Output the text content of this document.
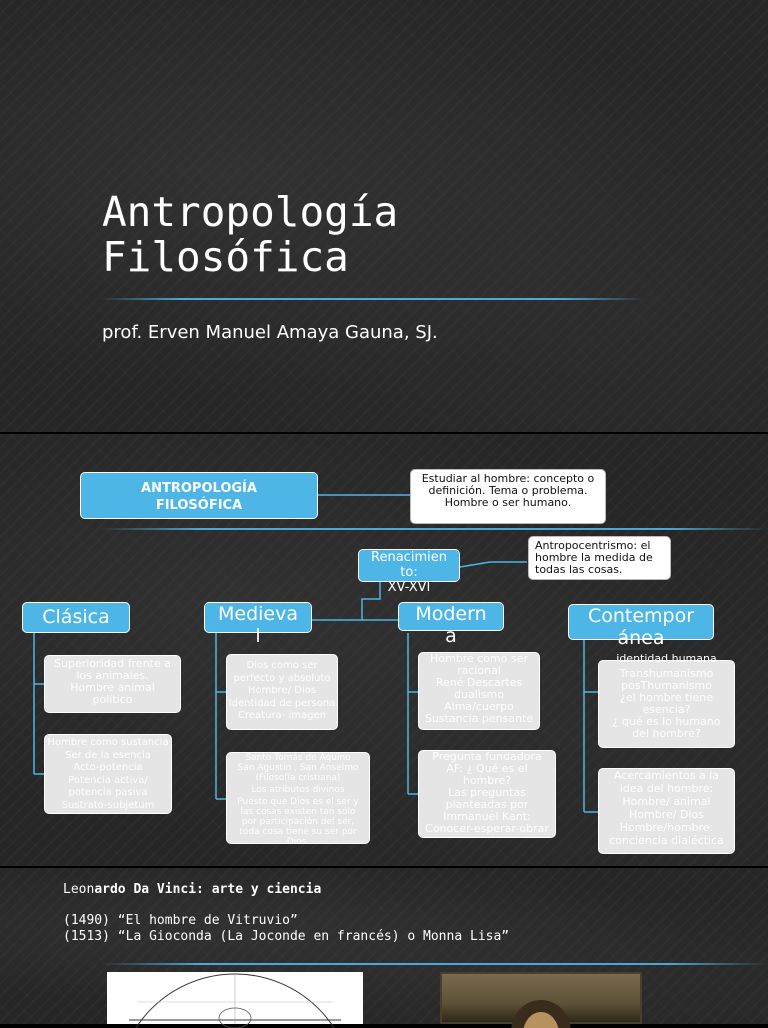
Antropología
Filosófica
prof. Erven Manuel Amaya Gauna, SJ.
ANTROPOLOGÍA
FILOSÓFICA
Estudiar al hombre: concepto o definición. Tema o problema. Hombre o ser humano.
Renacimien
to:
XV-XVI
Antropocentrismo: el hombre la medida de todas las cosas.
Clásica	Medieva
l
Modern
a
Contempor
ánea
Superioridad frente a
los animales.
Hombre animal
político
Hombre como sustancia
Ser de la esencia
Acto-potencia
Potencia activa/
potencia pasiva
Sustrato-subjetum
Dios como ser
perfecto y absoluto
Hombre/ Dios
Identidad de persona
Creatura- imagen
Santo Tomás de Aquino
San Agustín , San Anselmo
(Filosofía cristiana)
Los atributos divinos
Puesto que Dios es el ser y
las cosas existen tan sólo
por participación del ser,
toda cosa tiene su ser por
Dios.
Hombre como ser
racional
René Descartes
dualismo
Alma/cuerpo
Sustancia pensante
Pregunta fundadora
AF: ¿ Qué es el
hombre?
Las preguntas
planteadas por
Immanuel Kant:
Conocer-esperar-obrar
identidad humana
Transhumanismo
posThumanismo
¿el hombre tiene
esencia?
¿ qué es lo humano
del hombre?
Acercamientos a la
idea del hombre:
Hombre/ animal
Hombre/ Dios
Hombre/hombre:
conciencia dialéctica
Leonardo Da Vinci: arte y ciencia
(1490) “El hombre de Vitruvio”
(1513) “La Gioconda (La Joconde en francés) o Monna Lisa”
